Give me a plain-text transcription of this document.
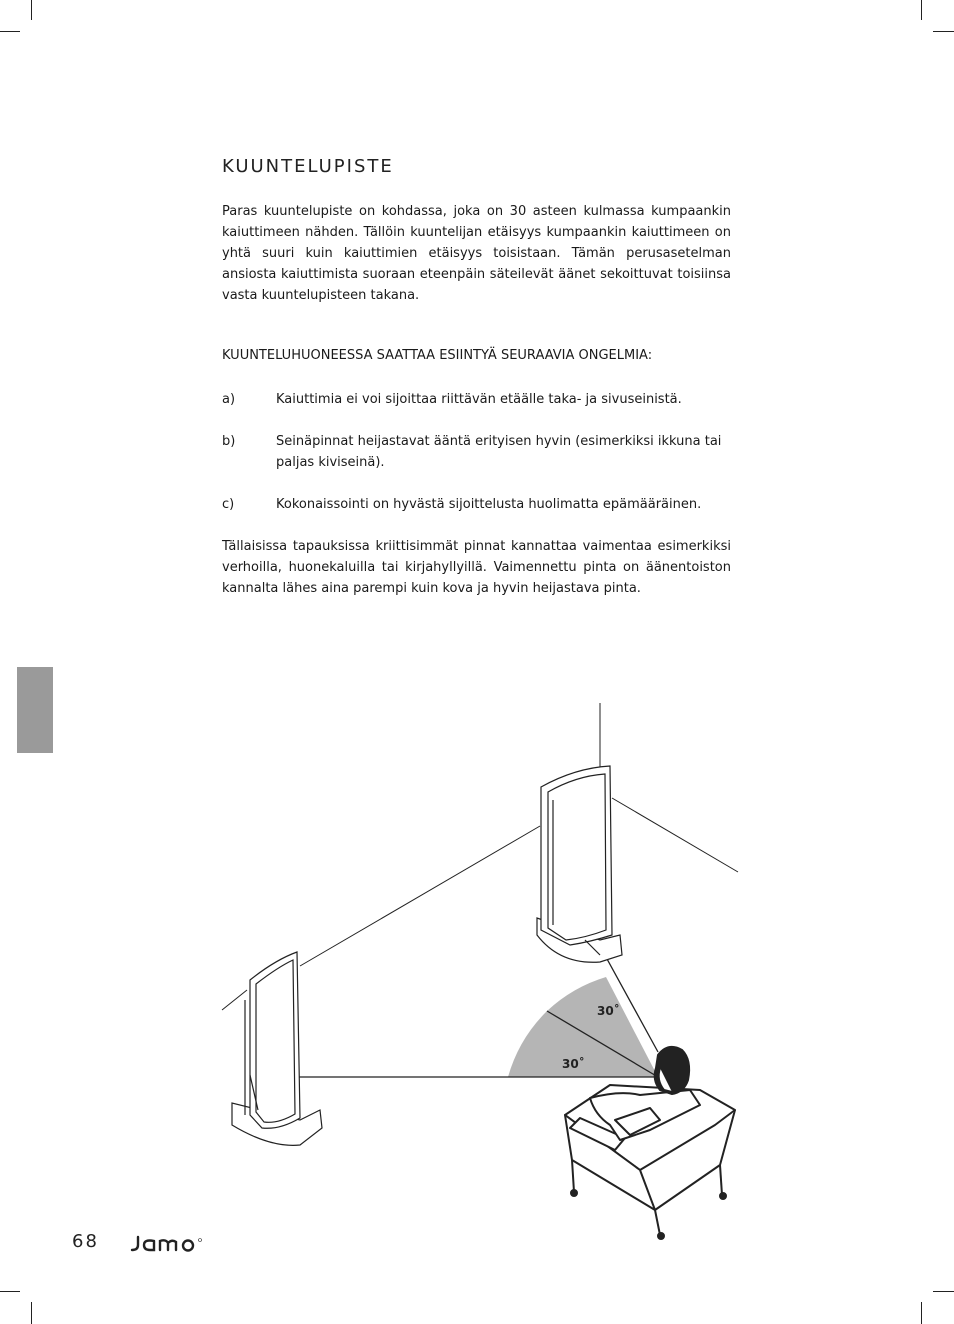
KUUNTELUPISTE

Paras kuuntelupiste on kohdassa, joka on 30 asteen kulmassa kumpaankin kaiuttimeen nähden. Tällöin kuuntelijan etäisyys kumpaankin kaiuttimeen on yhtä suuri kuin kaiuttimien etäisyys toisistaan. Tämän perusasetelman ansiosta kaiuttimista suoraan eteenpäin säteilevät äänet sekoittuvat toisiinsa vasta kuuntelupisteen takana.

KUUNTELUHUONEESSA SAATTAA ESIINTYÄ SEURAAVIA ONGELMIA:
a)	Kaiuttimia ei voi sijoittaa riittävän etäälle taka- ja sivuseinistä.
b)	Seinäpinnat heijastavat ääntä erityisen hyvin (esimerkiksi ikkuna tai paljas kiviseinä).
c)	Kokonaissointi on hyvästä sijoittelusta huolimatta epämääräinen.

Tällaisissa tapauksissa kriittisimmät pinnat kannattaa vaimentaa esimerkiksi verhoilla, huonekaluilla tai kirjahyllyillä. Vaimennettu pinta on äänentoiston kannalta lähes aina parempi kuin kova ja hyvin heijastava pinta.

30˚
30˚
68
